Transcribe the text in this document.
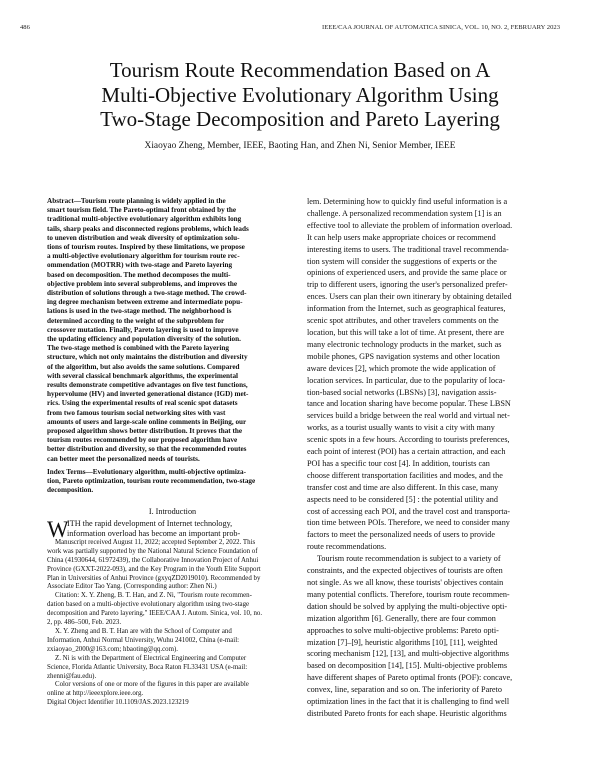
486	IEEE/CAA JOURNAL OF AUTOMATICA SINICA, VOL. 10, NO. 2, FEBRUARY 2023
Tourism Route Recommendation Based on A
Multi-Objective Evolutionary Algorithm Using
Two-Stage Decomposition and Pareto Layering
Xiaoyao Zheng, Member, IEEE, Baoting Han, and Zhen Ni, Senior Member, IEEE
Abstract—Tourism route planning is widely applied in the
smart tourism field. The Pareto-optimal front obtained by the
traditional multi-objective evolutionary algorithm exhibits long
tails, sharp peaks and disconnected regions problems, which leads
to uneven distribution and weak diversity of optimization solu-
tions of tourism routes. Inspired by these limitations, we propose
a multi-objective evolutionary algorithm for tourism route rec-
ommendation (MOTRR) with two-stage and Pareto layering
based on decomposition. The method decomposes the multi-
objective problem into several subproblems, and improves the
distribution of solutions through a two-stage method. The crowd-
ing degree mechanism between extreme and intermediate popu-
lations is used in the two-stage method. The neighborhood is
determined according to the weight of the subproblem for
crossover mutation. Finally, Pareto layering is used to improve
the updating efficiency and population diversity of the solution.
The two-stage method is combined with the Pareto layering
structure, which not only maintains the distribution and diversity
of the algorithm, but also avoids the same solutions. Compared
with several classical benchmark algorithms, the experimental
results demonstrate competitive advantages on five test functions,
hypervolume (HV) and inverted generational distance (IGD) met-
rics. Using the experimental results of real scenic spot datasets
from two famous tourism social networking sites with vast
amounts of users and large-scale online comments in Beijing, our
proposed algorithm shows better distribution. It proves that the
tourism routes recommended by our proposed algorithm have
better distribution and diversity, so that the recommended routes
can better meet the personalized needs of tourists.
Index Terms—Evolutionary algorithm, multi-objective optimiza-
tion, Pareto optimization, tourism route recommendation, two-stage
decomposition.
I. Introduction
W
ITH the rapid development of Internet technology,
information overload has become an important prob-
Manuscript received August 11, 2022; accepted September 2, 2022. This
work was partially supported by the National Natural Science Foundation of
China (41930644, 61972439), the Collaborative Innovation Project of Anhui
Province (GXXT-2022-093), and the Key Program in the Youth Elite Support
Plan in Universities of Anhui Province (gxyqZD2019010). Recommended by
Associate Editor Tao Yang. (Corresponding author: Zhen Ni.)
Citation: X. Y. Zheng, B. T. Han, and Z. Ni, "Tourism route recommen-
dation based on a multi-objective evolutionary algorithm using two-stage
decomposition and Pareto layering," IEEE/CAA J. Autom. Sinica, vol. 10, no.
2, pp. 486–500, Feb. 2023.
X. Y. Zheng and B. T. Han are with the School of Computer and
Information, Anhui Normal University, Wuhu 241002, China (e-mail:
zxiaoyao_2000@163.com; hbaoting@qq.com).
Z. Ni is with the Department of Electrical Engineering and Computer
Science, Florida Atlantic University, Boca Raton FL33431 USA (e-mail:
zhenni@fau.edu).
Color versions of one or more of the figures in this paper are available
online at http://ieeexplore.ieee.org.
Digital Object Identifier 10.1109/JAS.2023.123219
lem. Determining how to quickly find useful information is a
challenge. A personalized recommendation system [1] is an
effective tool to alleviate the problem of information overload.
It can help users make appropriate choices or recommend
interesting items to users. The traditional travel recommenda-
tion system will consider the suggestions of experts or the
opinions of experienced users, and provide the same place or
trip to different users, ignoring the user's personalized prefer-
ences. Users can plan their own itinerary by obtaining detailed
information from the Internet, such as geographical features,
scenic spot attributes, and other travelers comments on the
location, but this will take a lot of time. At present, there are
many electronic technology products in the market, such as
mobile phones, GPS navigation systems and other location
aware devices [2], which promote the wide application of
location services. In particular, due to the popularity of loca-
tion-based social networks (LBSNs) [3], navigation assis-
tance and location sharing have become popular. These LBSN
services build a bridge between the real world and virtual net-
works, as a tourist usually wants to visit a city with many
scenic spots in a few hours. According to tourists preferences,
each point of interest (POI) has a certain attraction, and each
POI has a specific tour cost [4]. In addition, tourists can
choose different transportation facilities and modes, and the
transfer cost and time are also different. In this case, many
aspects need to be considered [5] : the potential utility and
cost of accessing each POI, and the travel cost and transporta-
tion time between POIs. Therefore, we need to consider many
factors to meet the personalized needs of users to provide
route recommendations.
Tourism route recommendation is subject to a variety of
constraints, and the expected objectives of tourists are often
not single. As we all know, these tourists' objectives contain
many potential conflicts. Therefore, tourism route recommen-
dation should be solved by applying the multi-objective opti-
mization algorithm [6]. Generally, there are four common
approaches to solve multi-objective problems: Pareto opti-
mization [7]–[9], heuristic algorithms [10], [11], weighted
scoring mechanism [12], [13], and multi-objective algorithms
based on decomposition [14], [15]. Multi-objective problems
have different shapes of Pareto optimal fronts (POF): concave,
convex, line, separation and so on. The inferiority of Pareto
optimization lines in the fact that it is challenging to find well
distributed Pareto fronts for each shape. Heuristic algorithms
